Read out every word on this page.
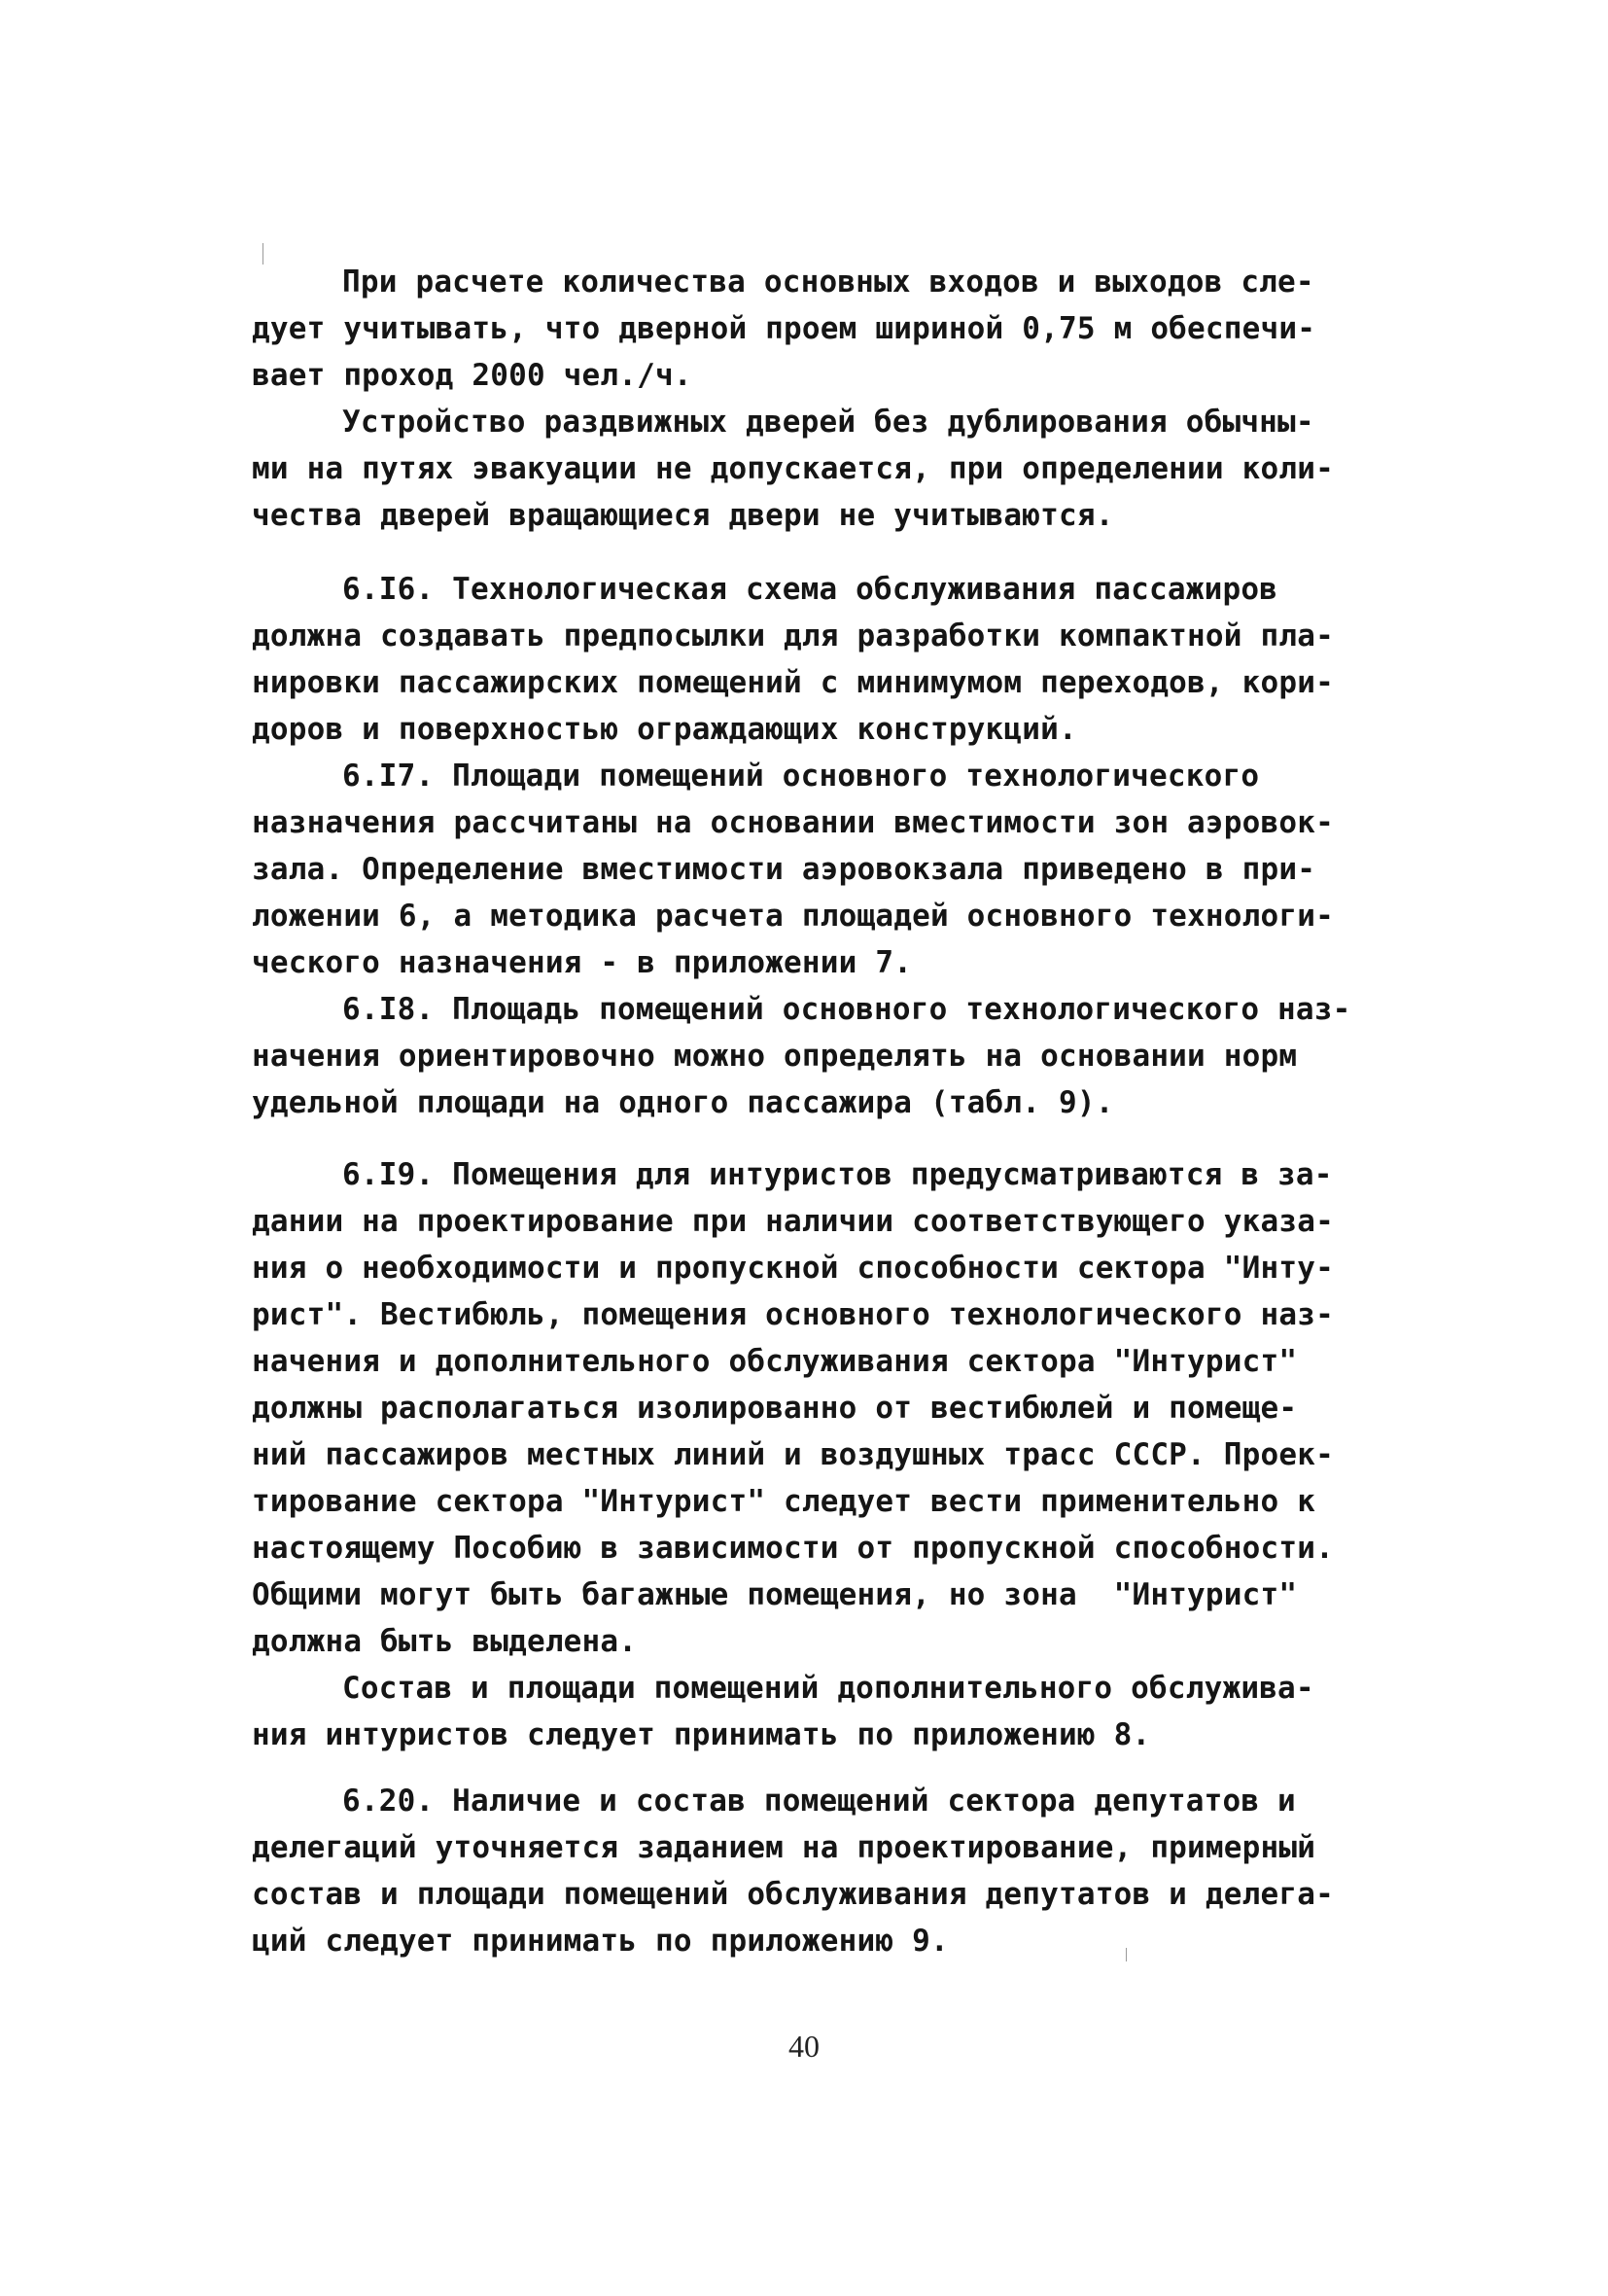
При расчете количества основных входов и выходов сле-
дует учитывать, что дверной проем шириной 0,75 м обеспечи-
вает проход 2000 чел./ч.
Устройство раздвижных дверей без дублирования обычны-
ми на путях эвакуации не допускается, при определении коли-
чества дверей вращающиеся двери не учитываются.
6.I6. Технологическая схема обслуживания пассажиров
должна создавать предпосылки для разработки компактной пла-
нировки пассажирских помещений с минимумом переходов, кори-
доров и поверхностью ограждающих конструкций.
6.I7. Площади помещений основного технологического
назначения рассчитаны на основании вместимости зон аэровок-
зала. Определение вместимости аэровокзала приведено в при-
ложении 6, а методика расчета площадей основного технологи-
ческого назначения - в приложении 7.
6.I8. Площадь помещений основного технологического наз-
начения ориентировочно можно определять на основании норм
удельной площади на одного пассажира (табл. 9).
6.I9. Помещения для интуристов предусматриваются в за-
дании на проектирование при наличии соответствующего указа-
ния о необходимости и пропускной способности сектора "Инту-
рист". Вестибюль, помещения основного технологического наз-
начения и дополнительного обслуживания сектора "Интурист"
должны располагаться изолированно от вестибюлей и помеще-
ний пассажиров местных линий и воздушных трасс СССР. Проек-
тирование сектора "Интурист" следует вести применительно к
настоящему Пособию в зависимости от пропускной способности.
Общими могут быть багажные помещения, но зона  "Интурист"
должна быть выделена.
Состав и площади помещений дополнительного обслужива-
ния интуристов следует принимать по приложению 8.
6.20. Наличие и состав помещений сектора депутатов и
делегаций уточняется заданием на проектирование, примерный
состав и площади помещений обслуживания депутатов и делега-
ций следует принимать по приложению 9.
40
